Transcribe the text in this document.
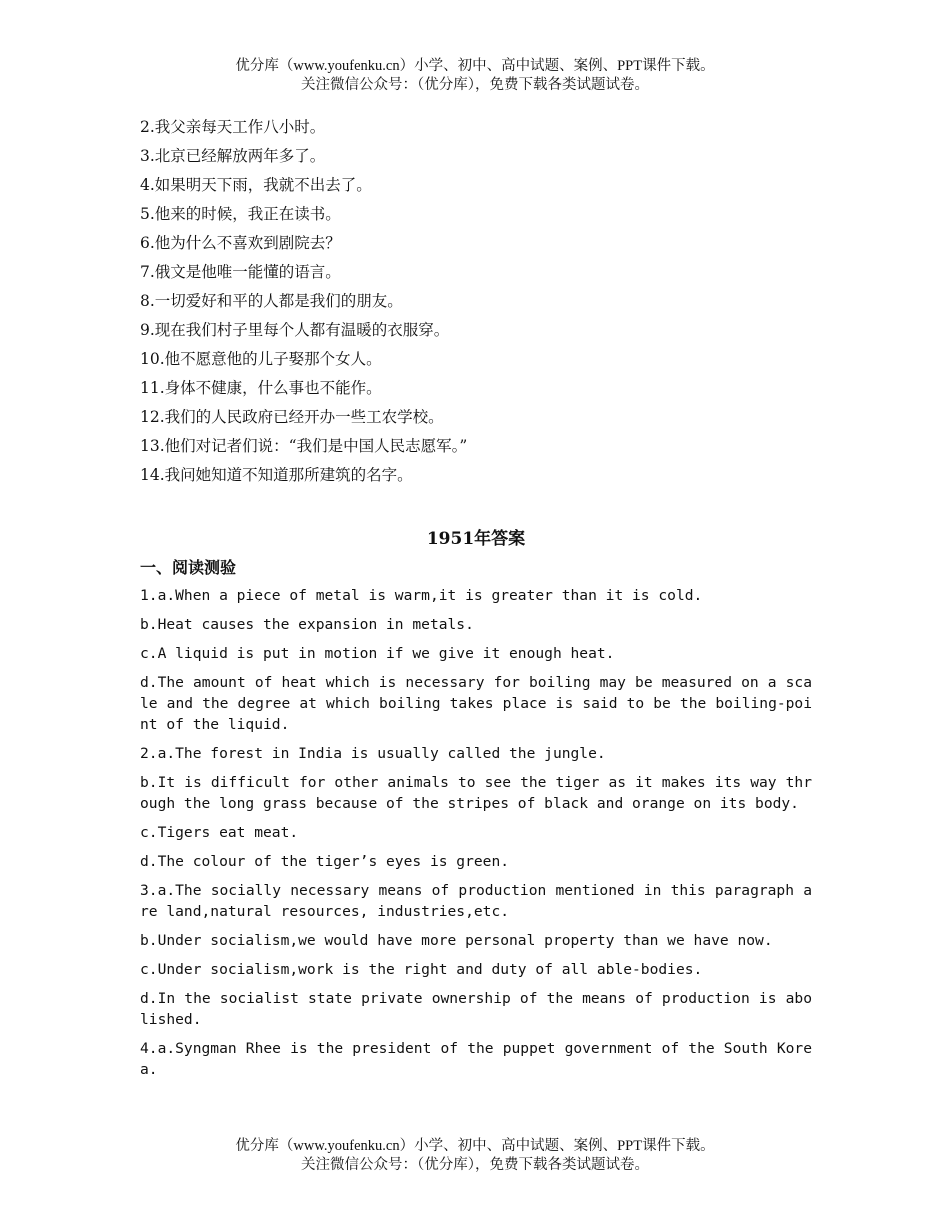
优分库（www.youfenku.cn）小学、初中、高中试题、案例、PPT课件下载。
关注微信公众号：（优分库），免费下载各类试题试卷。
2.我父亲每天工作八小时。
3.北京已经解放两年多了。
4.如果明天下雨，我就不出去了。
5.他来的时候，我正在读书。
6.他为什么不喜欢到剧院去？
7.俄文是他唯一能懂的语言。
8.一切爱好和平的人都是我们的朋友。
9.现在我们村子里每个人都有温暖的衣服穿。
10.他不愿意他的儿子娶那个女人。
11.身体不健康，什么事也不能作。
12.我们的人民政府已经开办一些工农学校。
13.他们对记者们说：“我们是中国人民志愿军。”
14.我问她知道不知道那所建筑的名字。
1951年答案
一、阅读测验
1.a.When a piece of metal is warm,it is greater than it is cold.
b.Heat causes the expansion in metals.
c.A liquid is put in motion if we give it enough heat.
d.The amount of heat which is necessary for boiling may be measured on a scale and the degree at which boiling takes place is said to be the boiling-point of the liquid.
2.a.The forest in India is usually called the jungle.
b.It is difficult for other animals to see the tiger as it makes its way through the long grass because of the stripes of black and orange on its body.
c.Tigers eat meat.
d.The colour of the tiger’s eyes is green.
3.a.The socially necessary means of production mentioned in this paragraph are land,natural resources, industries,etc.
b.Under socialism,we would have more personal property than we have now.
c.Under socialism,work is the right and duty of all able-bodies.
d.In the socialist state private ownership of the means of production is abolished.
4.a.Syngman Rhee is the president of the puppet government of the South Korea.
优分库（www.youfenku.cn）小学、初中、高中试题、案例、PPT课件下载。
关注微信公众号：（优分库），免费下载各类试题试卷。
